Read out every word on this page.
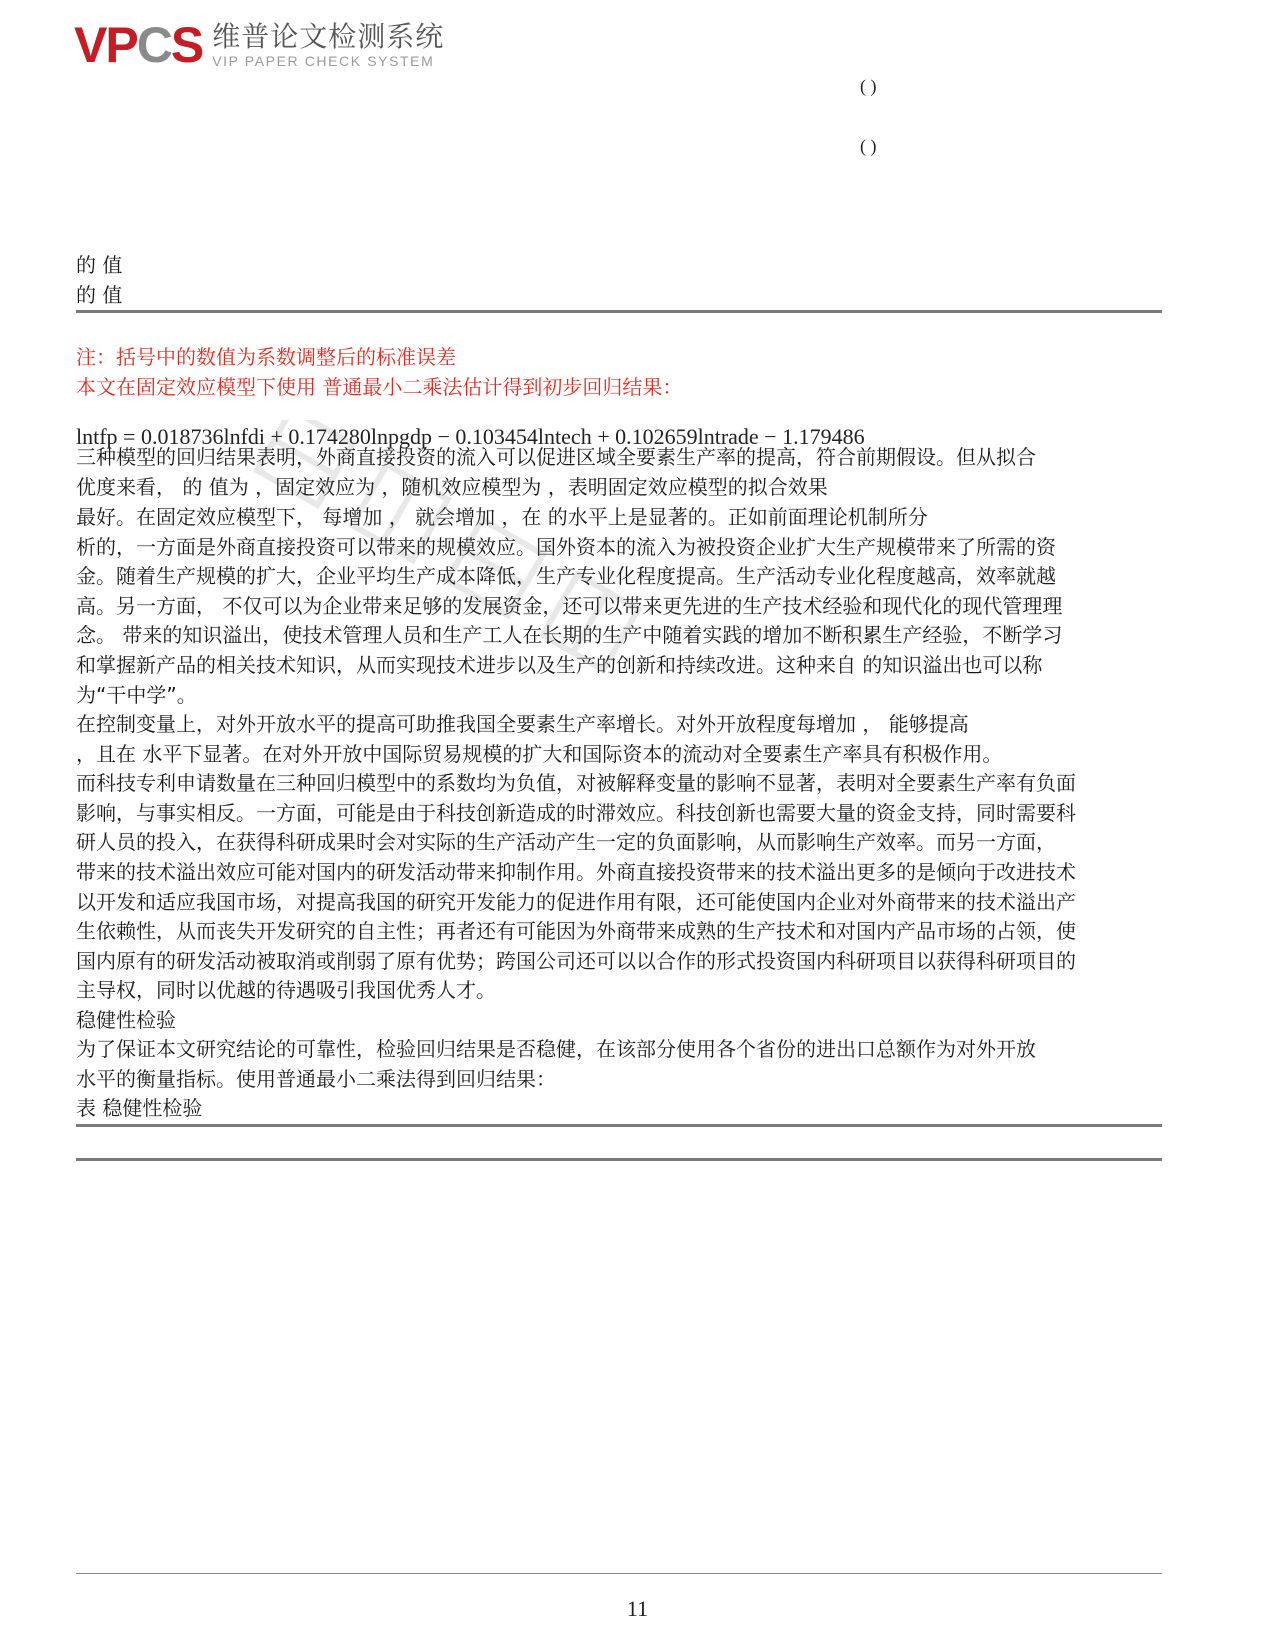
VPCS 维普论文检测系统
VIP PAPER CHECK SYSTEM
( )
( )
的 值
的 值
注：括号中的数值为系数调整后的标准误差
本文在固定效应模型下使用 普通最小二乘法估计得到初步回归结果：
lntfp = 0.018736lnfdi + 0.174280lnpgdp − 0.103454lntech + 0.102659lntrade − 1.179486
三种模型的回归结果表明，外商直接投资的流入可以促进区域全要素生产率的提高，符合前期假设。但从拟合
优度来看， 的 值为 ，固定效应为 ，随机效应模型为 ，表明固定效应模型的拟合效果
最好。在固定效应模型下， 每增加 ， 就会增加 ，在 的水平上是显著的。正如前面理论机制所分
析的，一方面是外商直接投资可以带来的规模效应。国外资本的流入为被投资企业扩大生产规模带来了所需的资
金。随着生产规模的扩大，企业平均生产成本降低，生产专业化程度提高。生产活动专业化程度越高，效率就越
高。另一方面， 不仅可以为企业带来足够的发展资金，还可以带来更先进的生产技术经验和现代化的现代管理理
念。 带来的知识溢出，使技术管理人员和生产工人在长期的生产中随着实践的增加不断积累生产经验，不断学习
和掌握新产品的相关技术知识，从而实现技术进步以及生产的创新和持续改进。这种来自 的知识溢出也可以称
为“干中学”。
在控制变量上，对外开放水平的提高可助推我国全要素生产率增长。对外开放程度每增加 ， 能够提高
，且在 水平下显著。在对外开放中国际贸易规模的扩大和国际资本的流动对全要素生产率具有积极作用。
而科技专利申请数量在三种回归模型中的系数均为负值，对被解释变量的影响不显著，表明对全要素生产率有负面
影响，与事实相反。一方面，可能是由于科技创新造成的时滞效应。科技创新也需要大量的资金支持，同时需要科
研人员的投入，在获得科研成果时会对实际的生产活动产生一定的负面影响，从而影响生产效率。而另一方面，
带来的技术溢出效应可能对国内的研发活动带来抑制作用。外商直接投资带来的技术溢出更多的是倾向于改进技术
以开发和适应我国市场，对提高我国的研究开发能力的促进作用有限，还可能使国内企业对外商带来的技术溢出产
生依赖性，从而丧失开发研究的自主性；再者还有可能因为外商带来成熟的生产技术和对国内产品市场的占领，使
国内原有的研发活动被取消或削弱了原有优势；跨国公司还可以以合作的形式投资国内科研项目以获得科研项目的
主导权，同时以优越的待遇吸引我国优秀人才。
稳健性检验
为了保证本文研究结论的可靠性，检验回归结果是否稳健，在该部分使用各个省份的进出口总额作为对外开放
水平的衡量指标。使用普通最小二乘法得到回归结果：
表 稳健性检验
11
